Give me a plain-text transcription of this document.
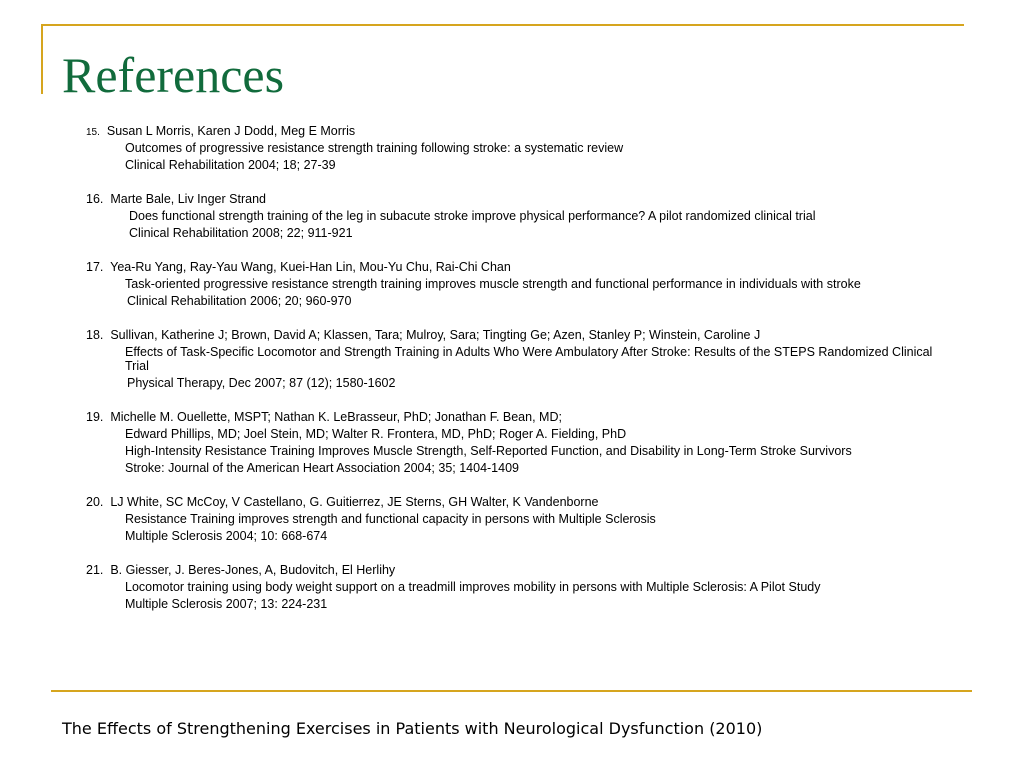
References
15. Susan L Morris, Karen J Dodd, Meg E Morris
Outcomes of progressive resistance strength training following stroke: a systematic review
Clinical Rehabilitation 2004; 18; 27-39
16. Marte Bale, Liv Inger Strand
Does functional strength training of the leg in subacute stroke improve physical performance? A pilot randomized clinical trial
Clinical Rehabilitation 2008; 22; 911-921
17. Yea-Ru Yang, Ray-Yau Wang, Kuei-Han Lin, Mou-Yu Chu, Rai-Chi Chan
Task-oriented progressive resistance strength training improves muscle strength and functional performance in individuals with stroke
Clinical Rehabilitation 2006; 20; 960-970
18. Sullivan, Katherine J; Brown, David A; Klassen, Tara; Mulroy, Sara; Tingting Ge; Azen, Stanley P; Winstein, Caroline J
Effects of Task-Specific Locomotor and Strength Training in Adults Who Were Ambulatory After Stroke: Results of the STEPS Randomized Clinical Trial
Physical Therapy, Dec 2007; 87 (12); 1580-1602
19. Michelle M. Ouellette, MSPT; Nathan K. LeBrasseur, PhD; Jonathan F. Bean, MD;
Edward Phillips, MD; Joel Stein, MD; Walter R. Frontera, MD, PhD; Roger A. Fielding, PhD
High-Intensity Resistance Training Improves Muscle Strength, Self-Reported Function, and Disability in Long-Term Stroke Survivors
Stroke: Journal of the American Heart Association 2004; 35; 1404-1409
20. LJ White, SC McCoy, V Castellano, G. Guitierrez, JE Sterns, GH Walter, K Vandenborne
Resistance Training improves strength and functional capacity in persons with Multiple Sclerosis
Multiple Sclerosis 2004; 10: 668-674
21. B. Giesser, J. Beres-Jones, A, Budovitch, El Herlihy
Locomotor training using body weight support on a treadmill improves mobility in persons with Multiple Sclerosis: A Pilot Study
Multiple Sclerosis 2007; 13: 224-231
The Effects of Strengthening Exercises in Patients with Neurological Dysfunction (2010)
